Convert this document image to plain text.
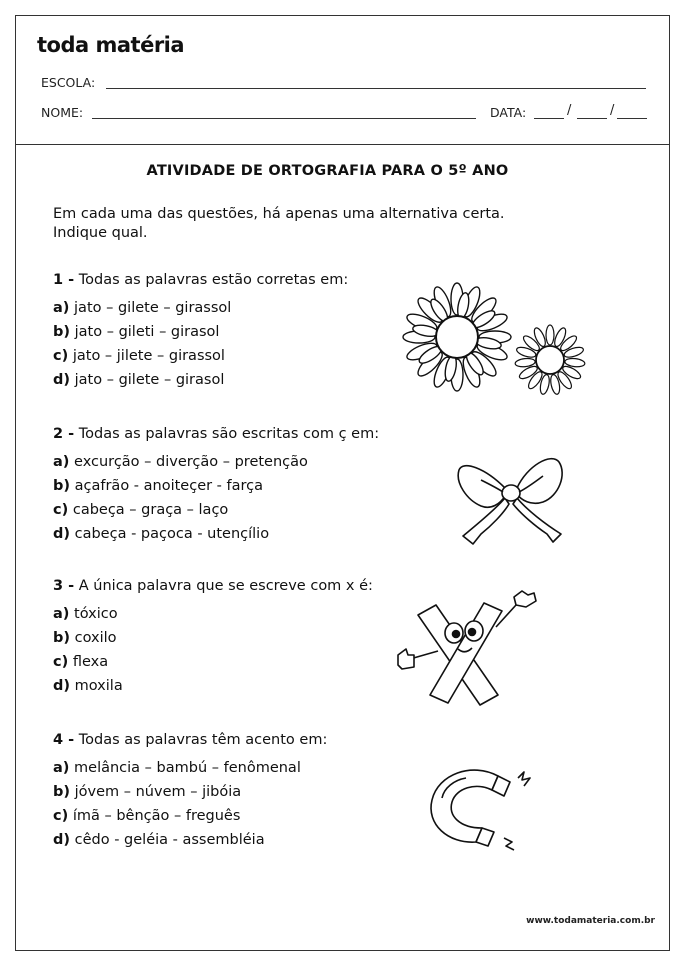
toda matéria
ESCOLA:
NOME:	DATA:	/	/
ATIVIDADE DE ORTOGRAFIA PARA O 5º ANO
Em cada uma das questões, há apenas uma alternativa certa. Indique qual.
1 - Todas as palavras estão corretas em:
a) jato – gilete – girassol
b) jato – gileti – girasol
c) jato – jilete – girassol
d) jato – gilete – girasol
2 - Todas as palavras são escritas com ç em:
a) excurção – diverção – pretenção
b) açafrão - anoiteçer - farça
c) cabeça – graça – laço
d) cabeça - paçoca - utençílio
3 - A única palavra que se escreve com x é:
a) tóxico
b) coxilo
c) flexa
d) moxila
4 - Todas as palavras têm acento em:
a) melância – bambú – fenômenal
b) jóvem – núvem – jibóia
c) ímã – bênção – freguês
d) cêdo - geléia - assembléia
www.todamateria.com.br
